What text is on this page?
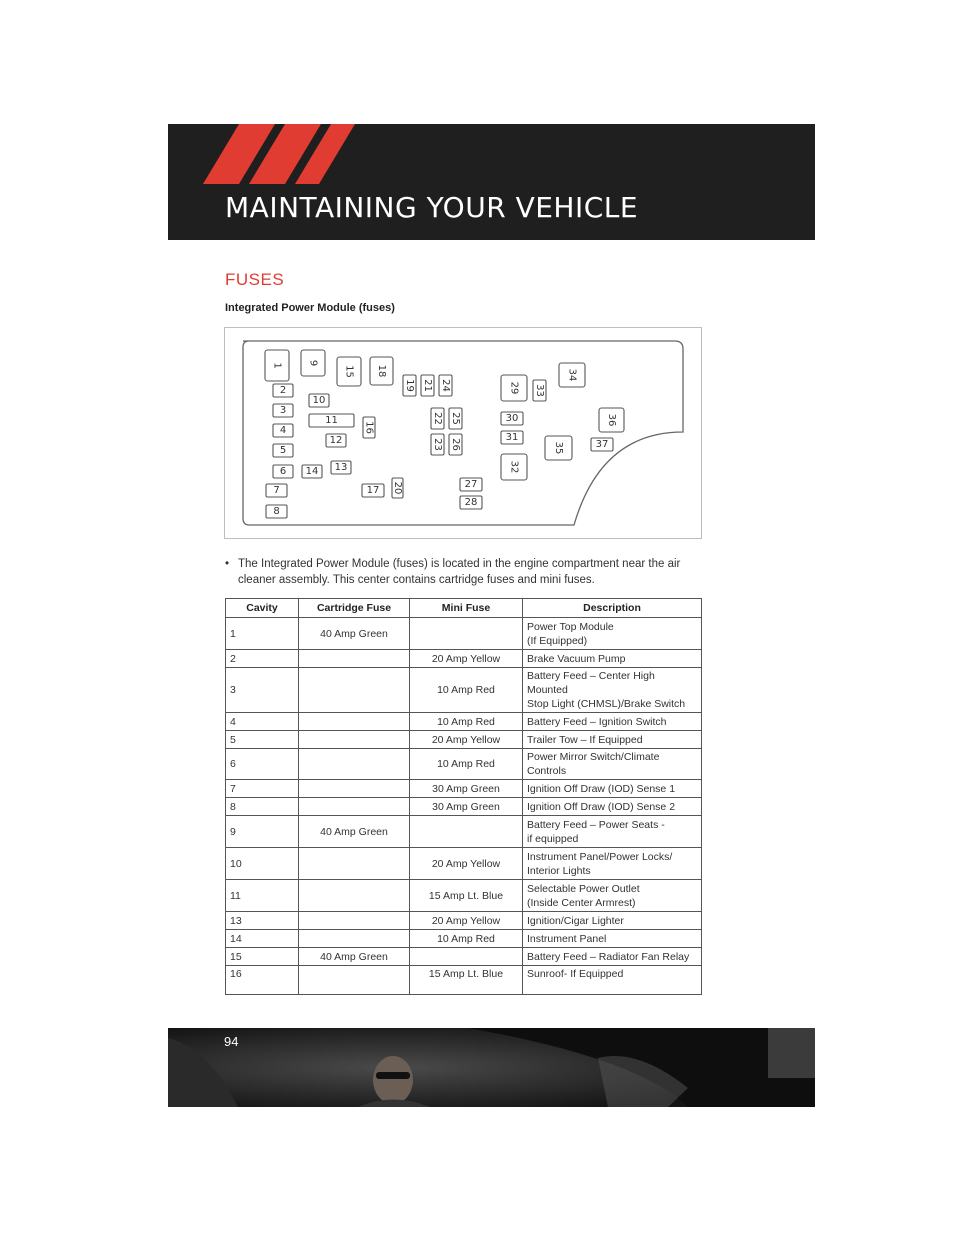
MAINTAINING YOUR VEHICLE
FUSES
Integrated Power Module (fuses)
1	9
15 18
2
3
4
5
6
7
8
10
11
12
13
14
16
17
19
20
21
22
23
24
25
26
27
28
29
30
31
32
33
34
35
36
37

• The Integrated Power Module (fuses) is located in the engine compartment near the air cleaner assembly. This center contains cartridge fuses and mini fuses.

Cavity	Cartridge Fuse	Mini Fuse	Description
1	40 Amp Green		Power Top Module
(If Equipped)

2		20 Amp Yellow	Brake Vacuum Pump

3		10 Amp Red	Battery Feed – Center High Mounted
Stop Light (CHMSL)/Brake Switch

4		10 Amp Red	Battery Feed – Ignition Switch

5		20 Amp Yellow	Trailer Tow – If Equipped

6		10 Amp Red	Power Mirror Switch/Climate Controls

7		30 Amp Green	Ignition Off Draw (IOD) Sense 1

8		30 Amp Green	Ignition Off Draw (IOD) Sense 2

9	40 Amp Green		Battery Feed – Power Seats -
if equipped

10		20 Amp Yellow	Instrument Panel/Power Locks/
Interior Lights

11		15 Amp Lt. Blue	Selectable Power Outlet
(Inside Center Armrest)

13		20 Amp Yellow	Ignition/Cigar Lighter

14		10 Amp Red	Instrument Panel

15	40 Amp Green		Battery Feed – Radiator Fan Relay

16		15 Amp Lt. Blue	Sunroof- If Equipped
94
